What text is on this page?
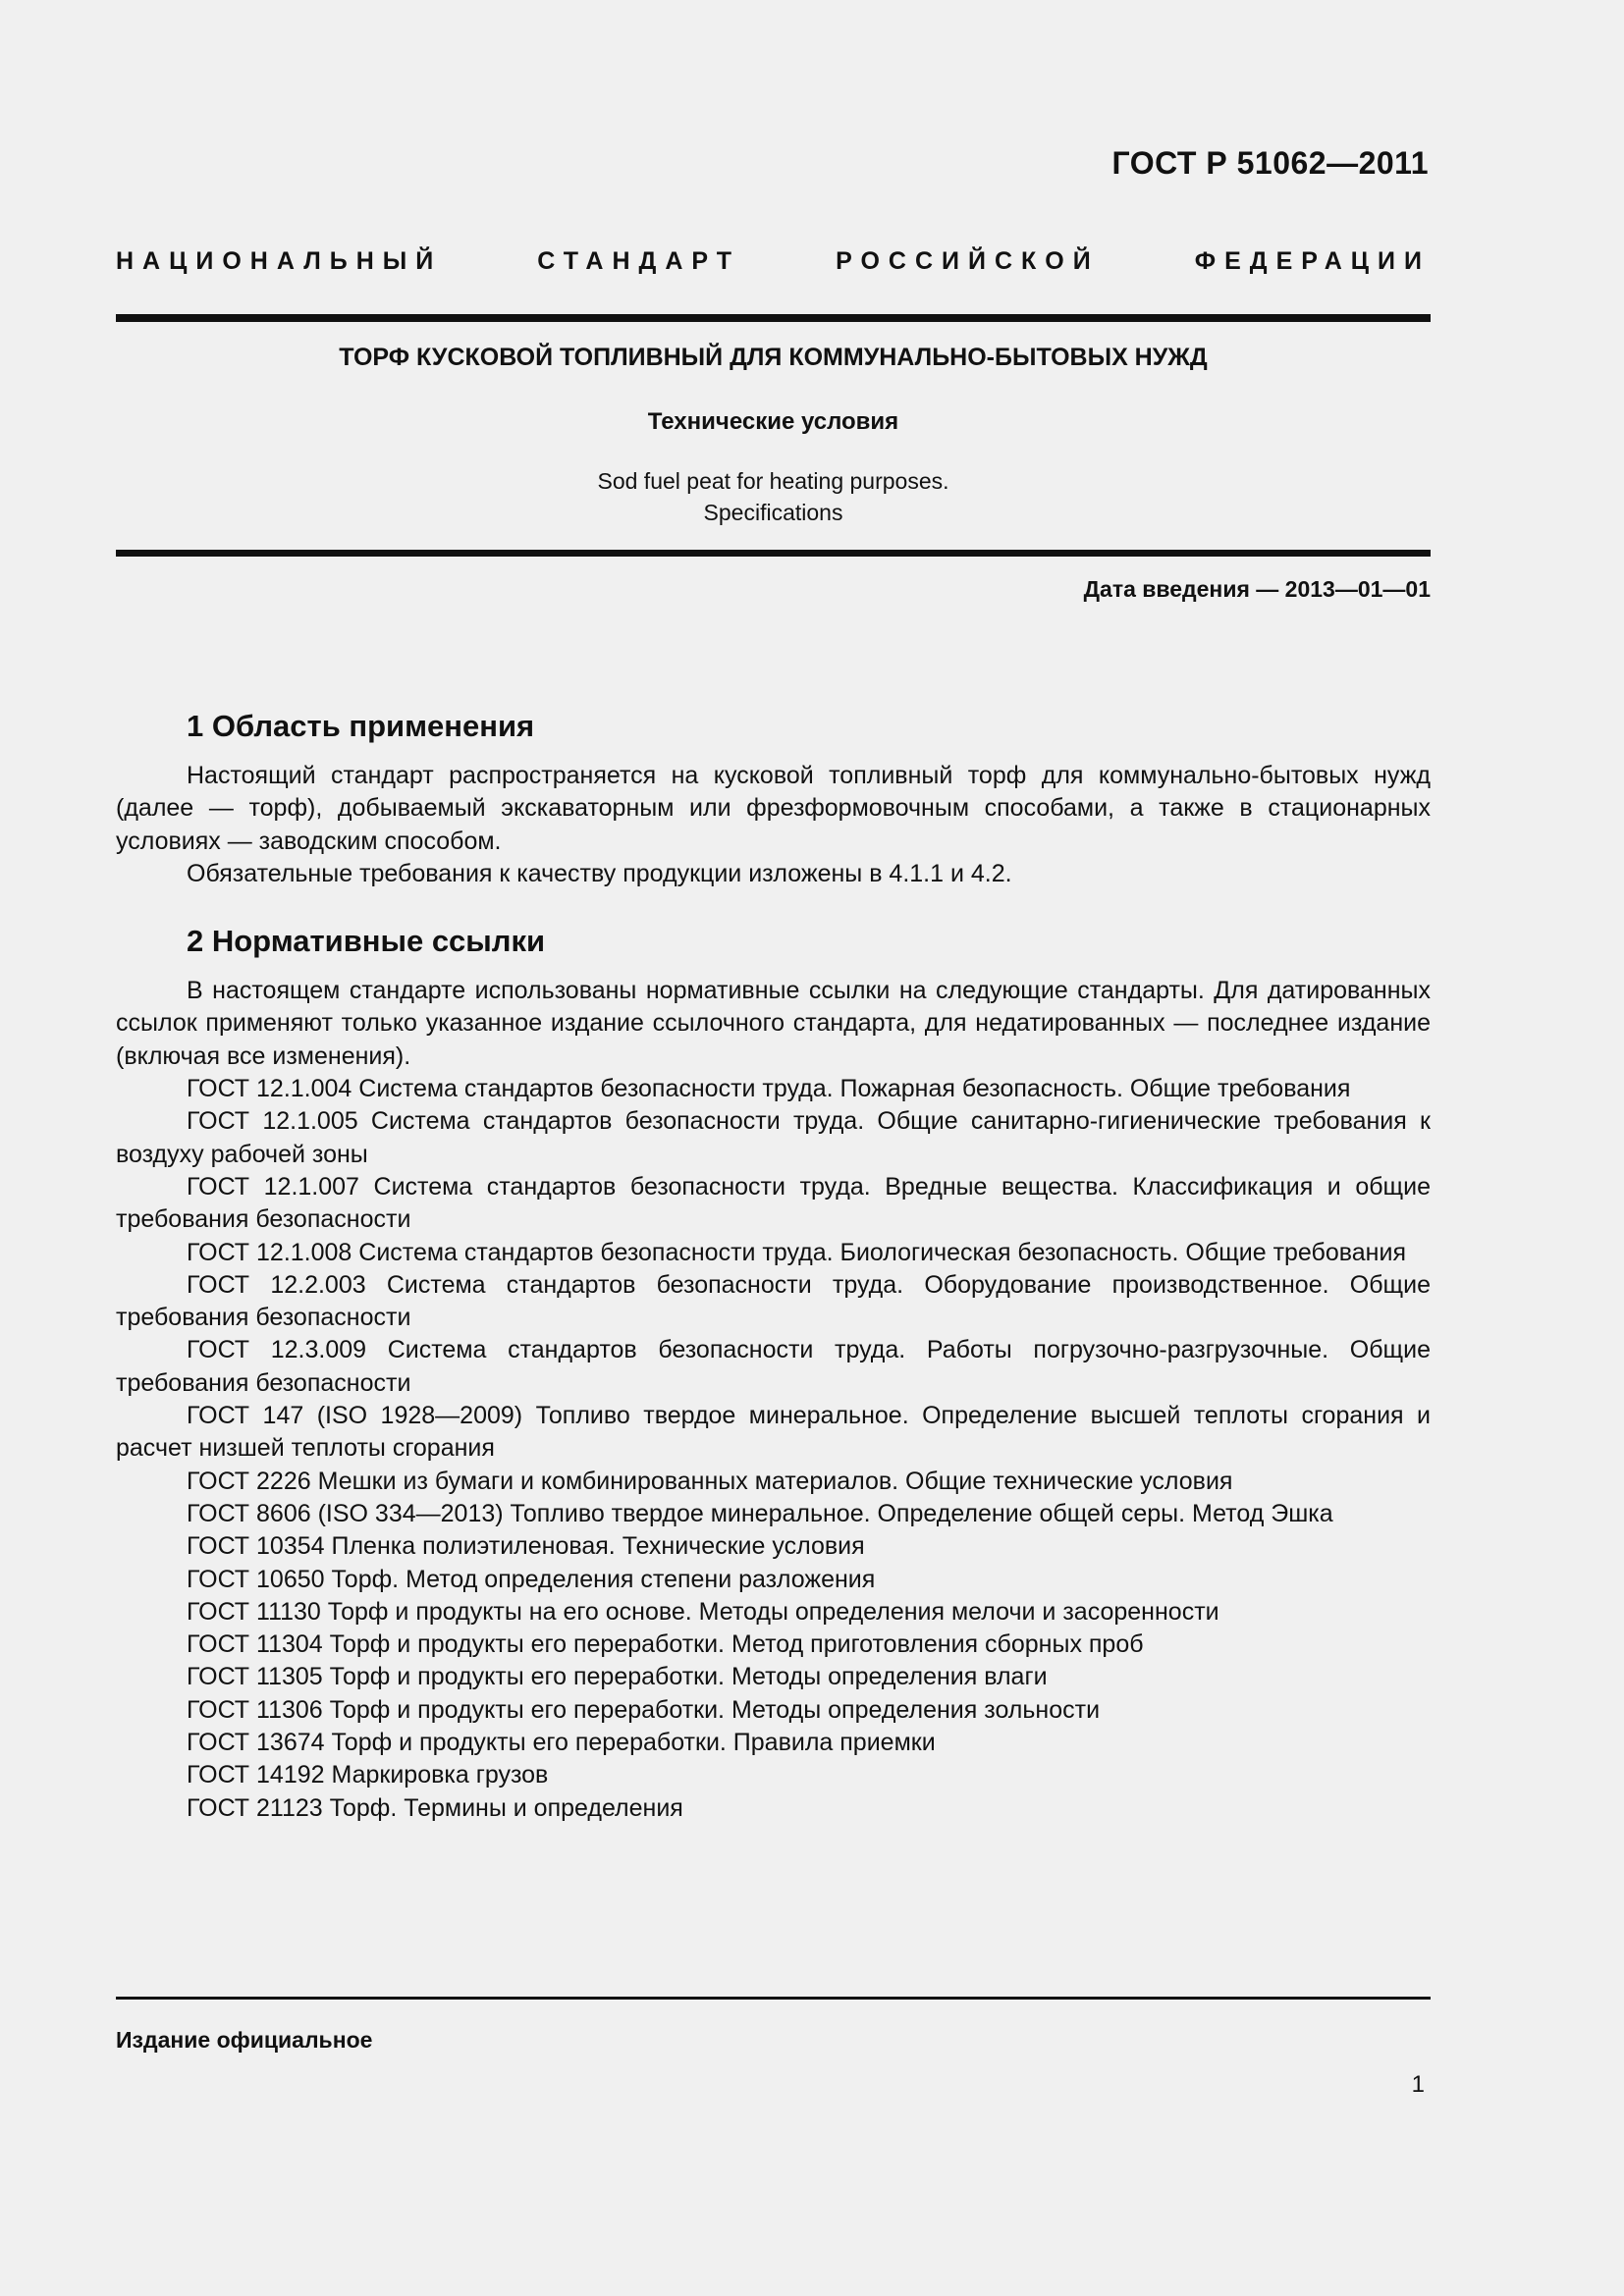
ГОСТ Р 51062—2011
НАЦИОНАЛЬНЫЙ СТАНДАРТ РОССИЙСКОЙ ФЕДЕРАЦИИ
ТОРФ КУСКОВОЙ ТОПЛИВНЫЙ ДЛЯ КОММУНАЛЬНО-БЫТОВЫХ НУЖД
Технические условия
Sod fuel peat for heating purposes.
Specifications
Дата введения — 2013—01—01
1 Область применения

Настоящий стандарт распространяется на кусковой топливный торф для коммунально-бытовых нужд (далее — торф), добываемый экскаваторным или фрезформовочным способами, а также в стационарных условиях — заводским способом.

Обязательные требования к качеству продукции изложены в 4.1.1 и 4.2.

2 Нормативные ссылки

В настоящем стандарте использованы нормативные ссылки на следующие стандарты. Для датированных ссылок применяют только указанное издание ссылочного стандарта, для недатированных — последнее издание (включая все изменения).

ГОСТ 12.1.004 Система стандартов безопасности труда. Пожарная безопасность. Общие требования

ГОСТ 12.1.005 Система стандартов безопасности труда. Общие санитарно-гигиенические требования к воздуху рабочей зоны

ГОСТ 12.1.007 Система стандартов безопасности труда. Вредные вещества. Классификация и общие требования безопасности

ГОСТ 12.1.008 Система стандартов безопасности труда. Биологическая безопасность. Общие требования

ГОСТ 12.2.003 Система стандартов безопасности труда. Оборудование производственное. Общие требования безопасности

ГОСТ 12.3.009 Система стандартов безопасности труда. Работы погрузочно-разгрузочные. Общие требования безопасности

ГОСТ 147 (ISO 1928—2009) Топливо твердое минеральное. Определение высшей теплоты сгорания и расчет низшей теплоты сгорания

ГОСТ 2226 Мешки из бумаги и комбинированных материалов. Общие технические условия

ГОСТ 8606 (ISO 334—2013) Топливо твердое минеральное. Определение общей серы. Метод Эшка

ГОСТ 10354 Пленка полиэтиленовая. Технические условия

ГОСТ 10650 Торф. Метод определения степени разложения

ГОСТ 11130 Торф и продукты на его основе. Методы определения мелочи и засоренности

ГОСТ 11304 Торф и продукты его переработки. Метод приготовления сборных проб

ГОСТ 11305 Торф и продукты его переработки. Методы определения влаги

ГОСТ 11306 Торф и продукты его переработки. Методы определения зольности

ГОСТ 13674 Торф и продукты его переработки. Правила приемки

ГОСТ 14192 Маркировка грузов

ГОСТ 21123 Торф. Термины и определения

Издание официальное
1
